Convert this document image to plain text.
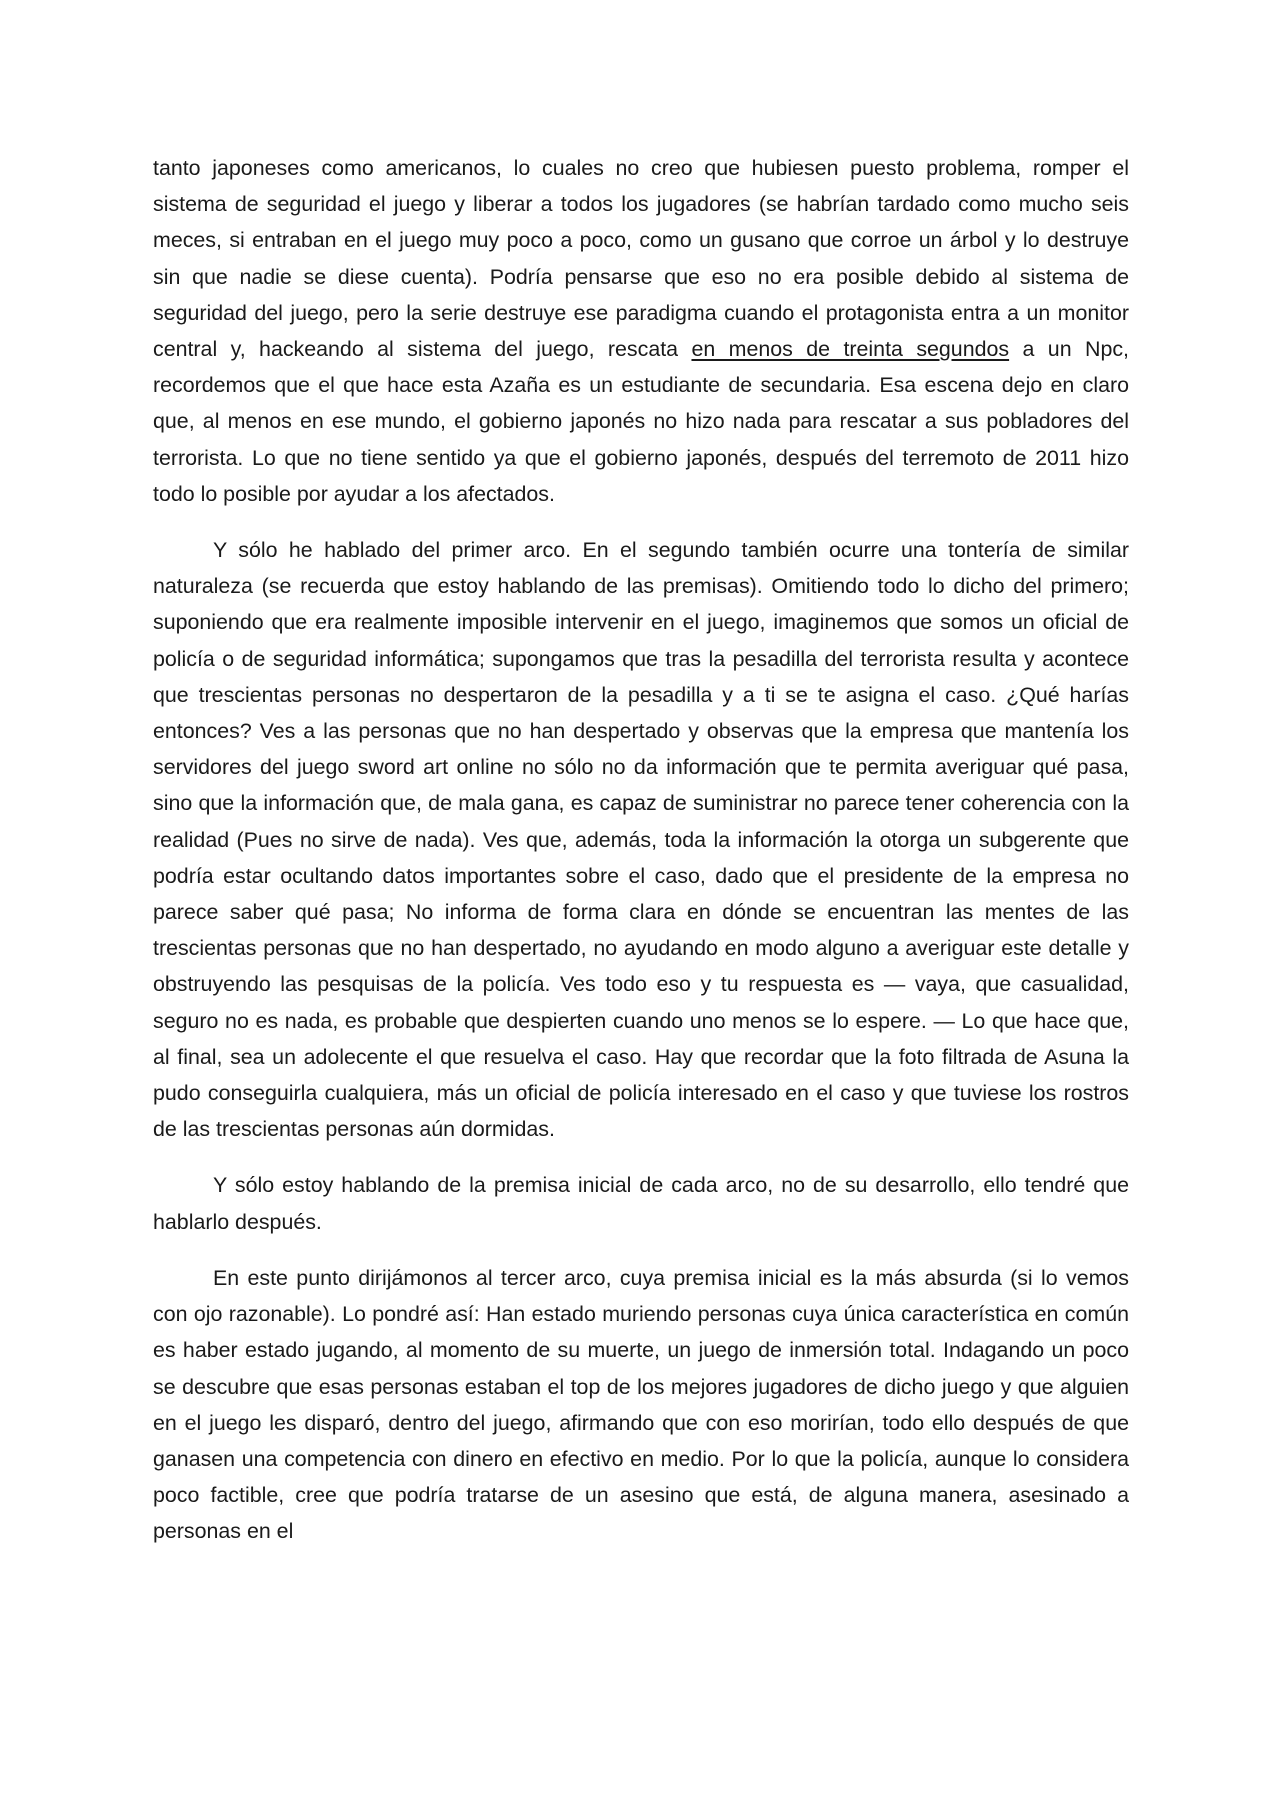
tanto japoneses como americanos, lo cuales no creo que hubiesen puesto problema, romper el sistema de seguridad el juego y liberar a todos los jugadores (se habrían tardado como mucho seis meces, si entraban en el juego muy poco a poco, como un gusano que corroe un árbol y lo destruye sin que nadie se diese cuenta). Podría pensarse que eso no era posible debido al sistema de seguridad del juego, pero la serie destruye ese paradigma cuando el protagonista entra a un monitor central y, hackeando al sistema del juego, rescata en menos de treinta segundos a un Npc, recordemos que el que hace esta Azaña es un estudiante de secundaria. Esa escena dejo en claro que, al menos en ese mundo, el gobierno japonés no hizo nada para rescatar a sus pobladores del terrorista. Lo que no tiene sentido ya que el gobierno japonés, después del terremoto de 2011 hizo todo lo posible por ayudar a los afectados.

Y sólo he hablado del primer arco. En el segundo también ocurre una tontería de similar naturaleza (se recuerda que estoy hablando de las premisas). Omitiendo todo lo dicho del primero; suponiendo que era realmente imposible intervenir en el juego, imaginemos que somos un oficial de policía o de seguridad informática; supongamos que tras la pesadilla del terrorista resulta y acontece que trescientas personas no despertaron de la pesadilla y a ti se te asigna el caso. ¿Qué harías entonces? Ves a las personas que no han despertado y observas que la empresa que mantenía los servidores del juego sword art online no sólo no da información que te permita averiguar qué pasa, sino que la información que, de mala gana, es capaz de suministrar no parece tener coherencia con la realidad (Pues no sirve de nada). Ves que, además, toda la información la otorga un subgerente que podría estar ocultando datos importantes sobre el caso, dado que el presidente de la empresa no parece saber qué pasa; No informa de forma clara en dónde se encuentran las mentes de las trescientas personas que no han despertado, no ayudando en modo alguno a averiguar este detalle y obstruyendo las pesquisas de la policía. Ves todo eso y tu respuesta es — vaya, que casualidad, seguro no es nada, es probable que despierten cuando uno menos se lo espere. — Lo que hace que, al final, sea un adolecente el que resuelva el caso. Hay que recordar que la foto filtrada de Asuna la pudo conseguirla cualquiera, más un oficial de policía interesado en el caso y que tuviese los rostros de las trescientas personas aún dormidas.

Y sólo estoy hablando de la premisa inicial de cada arco, no de su desarrollo, ello tendré que hablarlo después.

En este punto dirijámonos al tercer arco, cuya premisa inicial es la más absurda (si lo vemos con ojo razonable). Lo pondré así: Han estado muriendo personas cuya única característica en común es haber estado jugando, al momento de su muerte, un juego de inmersión total. Indagando un poco se descubre que esas personas estaban el top de los mejores jugadores de dicho juego y que alguien en el juego les disparó, dentro del juego, afirmando que con eso morirían, todo ello después de que ganasen una competencia con dinero en efectivo en medio. Por lo que la policía, aunque lo considera poco factible, cree que podría tratarse de un asesino que está, de alguna manera, asesinado a personas en el
